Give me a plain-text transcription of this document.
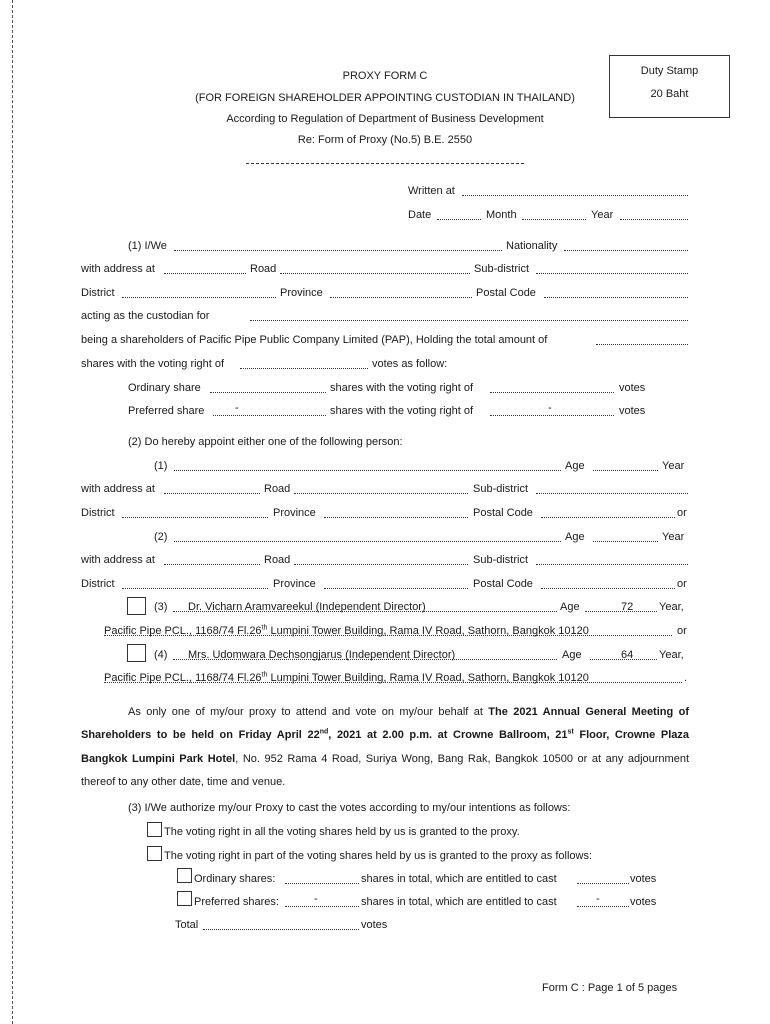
Duty Stamp
20 Baht
PROXY FORM C
(FOR FOREIGN SHAREHOLDER APPOINTING CUSTODIAN IN THAILAND)
According to Regulation of Department of Business Development
Re: Form of Proxy (No.5) B.E. 2550
Written at
Date	Month	Year
(1) I/We	Nationality
with address at	Road	Sub-district
District	Province	Postal Code
acting as the custodian for
being a shareholders of Pacific Pipe Public Company Limited (PAP), Holding the total amount of
shares with the voting right of	votes as follow:
Ordinary share	shares with the voting right of	votes
Preferred share	-	shares with the voting right of	-	votes
(2) Do hereby appoint either one of the following person:
(1)	Age	Year
with address at	Road	Sub-district
District	Province	Postal Code	or
(2)	Age	Year
with address at	Road	Sub-district
District	Province	Postal Code	or
(3) Dr. Vicharn Aramvareekul (Independent Director)	Age	72 Year,
Pacific Pipe PCL., 1168/74 Fl.26th Lumpini Tower Building, Rama IV Road, Sathorn, Bangkok 10120	or
(4) Mrs. Udomwara Dechsongjarus (Independent Director)	Age	64 Year,
Pacific Pipe PCL., 1168/74 Fl.26th Lumpini Tower Building, Rama IV Road, Sathorn, Bangkok 10120	.
As only one of my/our proxy to attend and vote on my/our behalf at The 2021 Annual General Meeting of Shareholders to be held on Friday April 22nd, 2021 at 2.00 p.m. at Crowne Ballroom, 21st Floor, Crowne Plaza Bangkok Lumpini Park Hotel, No. 952 Rama 4 Road, Suriya Wong, Bang Rak, Bangkok 10500 or at any adjournment thereof to any other date, time and venue.
(3) I/We authorize my/our Proxy to cast the votes according to my/our intentions as follows:
The voting right in all the voting shares held by us is granted to the proxy.
The voting right in part of the voting shares held by us is granted to the proxy as follows:
Ordinary shares:	shares in total, which are entitled to cast	votes
Preferred shares:	-	shares in total, which are entitled to cast	-	votes
Total	votes
Form C : Page 1 of 5 pages
